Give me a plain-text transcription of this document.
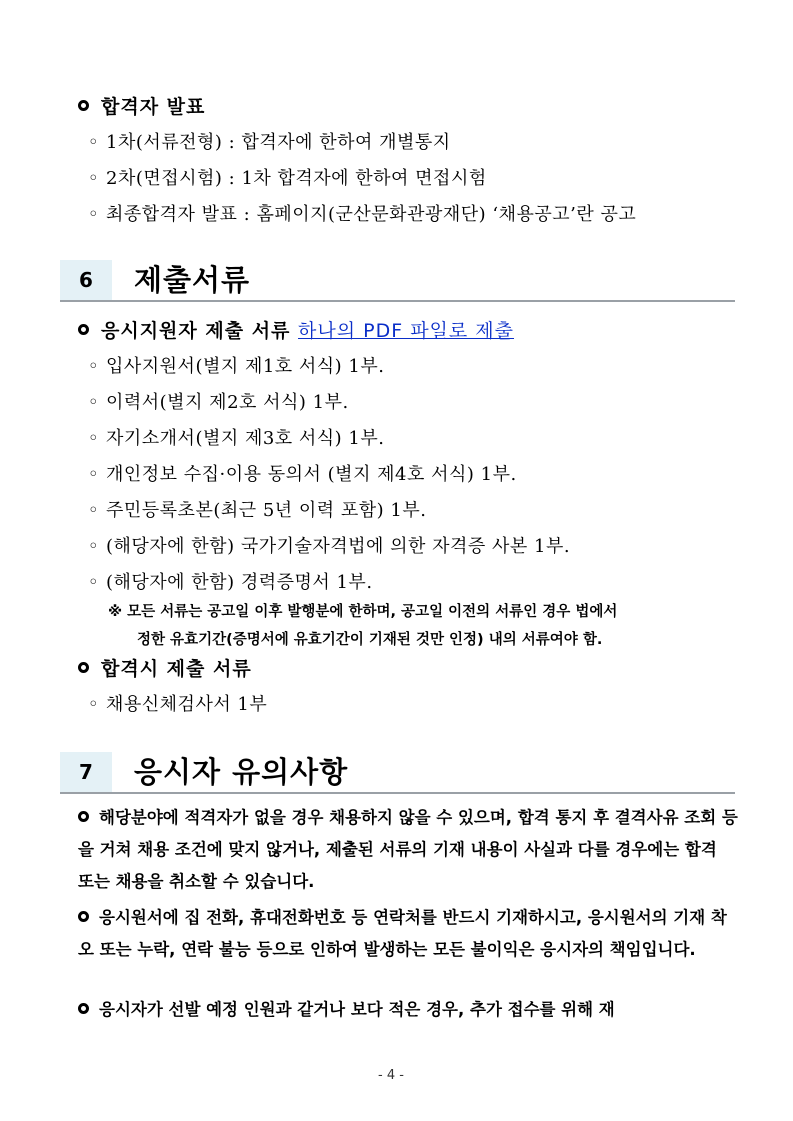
합격자 발표
◦ 1차(서류전형) : 합격자에 한하여 개별통지
◦ 2차(면접시험) : 1차 합격자에 한하여 면접시험
◦ 최종합격자 발표 : 홈페이지(군산문화관광재단) ‘채용공고’란 공고
6	제출서류
응시지원자 제출 서류 하나의 PDF 파일로 제출
◦ 입사지원서(별지 제1호 서식) 1부.
◦ 이력서(별지 제2호 서식) 1부.
◦ 자기소개서(별지 제3호 서식) 1부.
◦ 개인정보 수집·이용 동의서 (별지 제4호 서식) 1부.
◦ 주민등록초본(최근 5년 이력 포함) 1부.
◦ (해당자에 한함) 국가기술자격법에 의한 자격증 사본 1부.
◦ (해당자에 한함) 경력증명서 1부.
※ 모든 서류는 공고일 이후 발행분에 한하며, 공고일 이전의 서류인 경우 법에서
정한 유효기간(증명서에 유효기간이 기재된 것만 인정) 내의 서류여야 함.
합격시 제출 서류
◦ 채용신체검사서 1부
7	응시자 유의사항
해당분야에 적격자가 없을 경우 채용하지 않을 수 있으며, 합격 통지 후 결격사유 조회 등을 거쳐 채용 조건에 맞지 않거나, 제출된 서류의 기재 내용이 사실과 다를 경우에는 합격 또는 채용을 취소할 수 있습니다.
응시원서에 집 전화, 휴대전화번호 등 연락처를 반드시 기재하시고, 응시원서의 기재 착오 또는 누락, 연락 불능 등으로 인하여 발생하는 모든 불이익은 응시자의 책임입니다.
응시자가 선발 예정 인원과 같거나 보다 적은 경우, 추가 접수를 위해 재
- 4 -
